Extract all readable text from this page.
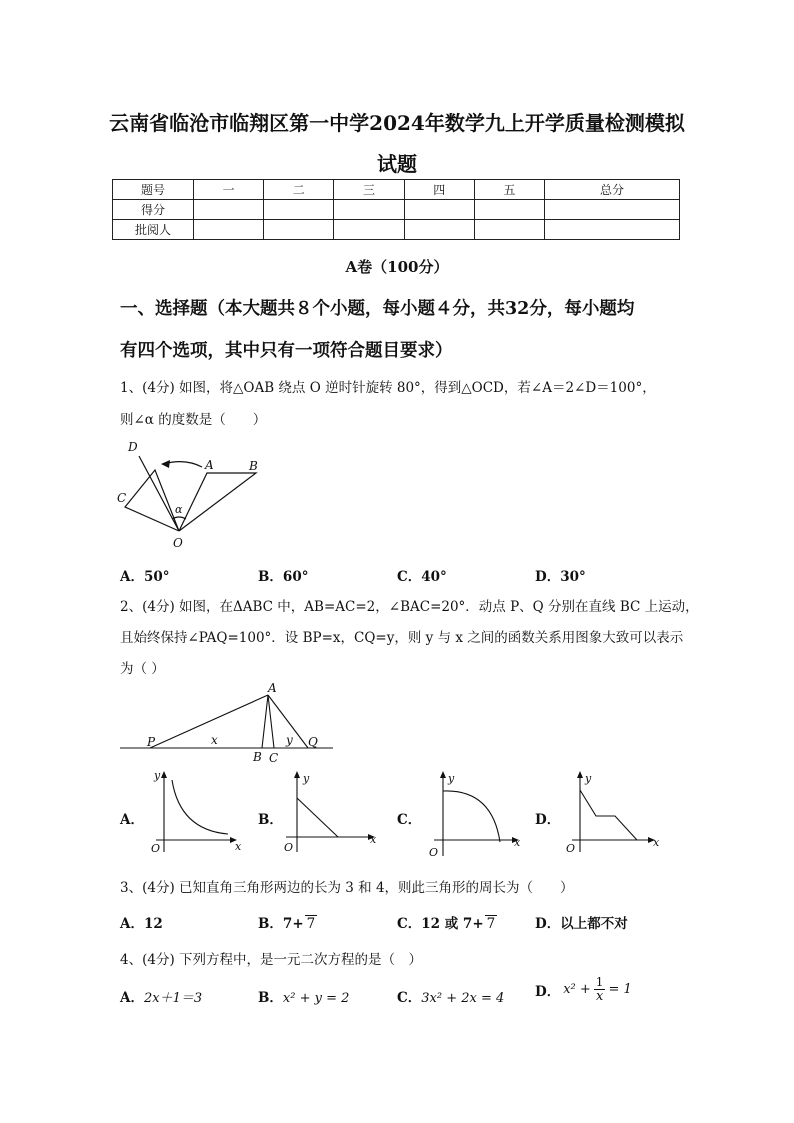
云南省临沧市临翔区第一中学2024年数学九上开学质量检测模拟
试题
题号	一	二	三	四	五	总分
得分						
批阅人						
A卷（100分）
一、选择题（本大题共８个小题，每小题４分，共32分，每小题均
有四个选项，其中只有一项符合题目要求）
1、(4分) 如图，将△OAB 绕点 O 逆时针旋转 80°，得到△OCD，若∠A＝2∠D＝100°，
则∠α 的度数是（　　）
D
A	B
C
α
O
A．50°	B．60°	C．40°	D．30°
2、(4分) 如图，在ΔABC 中，AB=AC=2，∠BAC=20°．动点 P、Q 分别在直线 BC 上运动，
且始终保持∠PAQ=100°．设 BP=x，CQ=y，则 y 与 x 之间的函数关系用图象大致可以表示
为（ ）
A
P	x	y Q
B C
A．
y
x
O
B．
y
x
O
C．
y
x
O
D．
y
x
O
3、(4分) 已知直角三角形两边的长为 3 和 4，则此三角形的周长为（　　）
A．12	B．7+ 7	C．12 或 7+ 7	D．以上都不对
4、(4分) 下列方程中，是一元二次方程的是（　）
A．2x＋1＝3	B．x² + y = 2	C．3x² + 2x = 4 D． $x^2 + \frac{1}{x} = 1$
